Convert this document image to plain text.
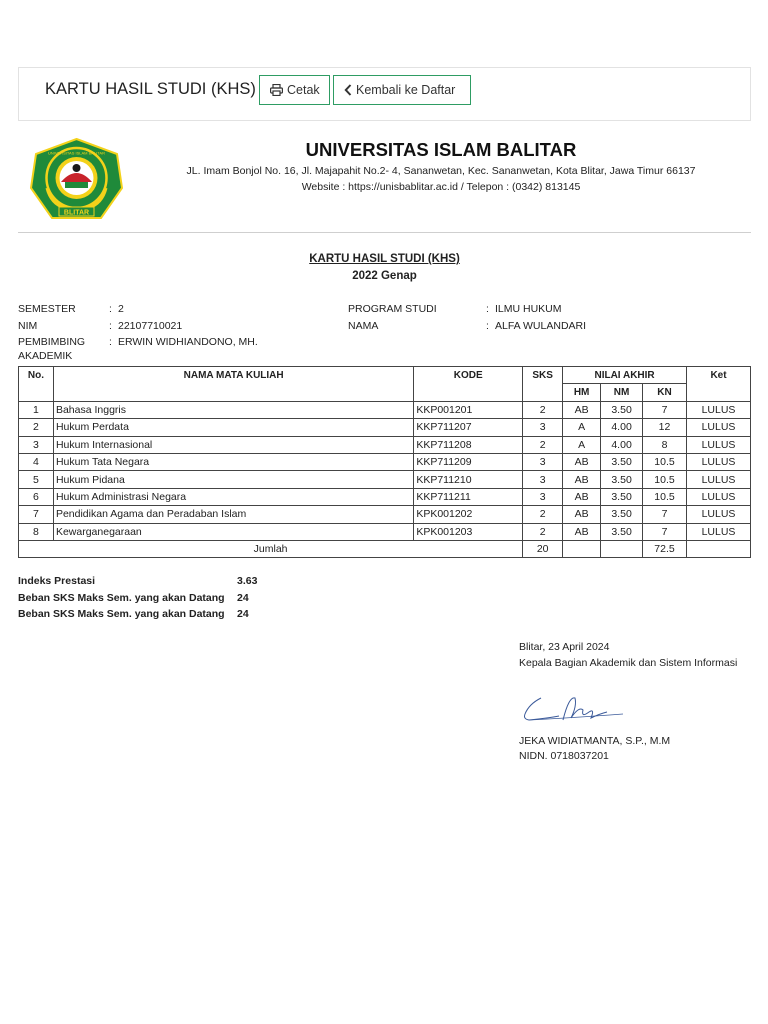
KARTU HASIL STUDI (KHS) Cetak	Kembali ke Daftar
BLITAR
UNIVERSITAS ISLAM BALITAR	UNIVERSITAS ISLAM BALITAR
JL. Imam Bonjol No. 16, Jl. Majapahit No.2- 4, Sananwetan, Kec. Sananwetan, Kota Blitar, Jawa Timur 66137
Website : https://unisbablitar.ac.id / Telepon : (0342) 813145
KARTU HASIL STUDI (KHS)
2022 Genap
SEMESTER	: 2
NIM	: 22107710021
PEMBIMBING
AKADEMIK
: ERWIN WIDHIANDONO, MH.
PROGRAM STUDI	: ILMU HUKUM
NAMA	: ALFA WULANDARI
No.	NAMA MATA KULIAH	KODE	SKS	NILAI AKHIR			Ket
				HM	NM	KN	
1	Bahasa Inggris	KKP001201	2	AB	3.50	7	LULUS
2	Hukum Perdata	KKP711207	3	A	4.00	12	LULUS
3	Hukum Internasional	KKP711208	2	A	4.00	8	LULUS
4	Hukum Tata Negara	KKP711209	3	AB	3.50	10.5	LULUS
5	Hukum Pidana	KKP711210	3	AB	3.50	10.5	LULUS
6	Hukum Administrasi Negara	KKP711211	3	AB	3.50	10.5	LULUS
7	Pendidikan Agama dan Peradaban Islam	KPK001202	2	AB	3.50	7	LULUS
8	Kewarganegaraan	KPK001203	2	AB	3.50	7	LULUS
Jumlah			20			72.5	
Indeks Prestasi	3.63
Beban SKS Maks Sem. yang akan Datang 24
Beban SKS Maks Sem. yang akan Datang 24
Blitar, 23 April 2024
Kepala Bagian Akademik dan Sistem Informasi
JEKA WIDIATMANTA, S.P., M.M
NIDN. 0718037201
